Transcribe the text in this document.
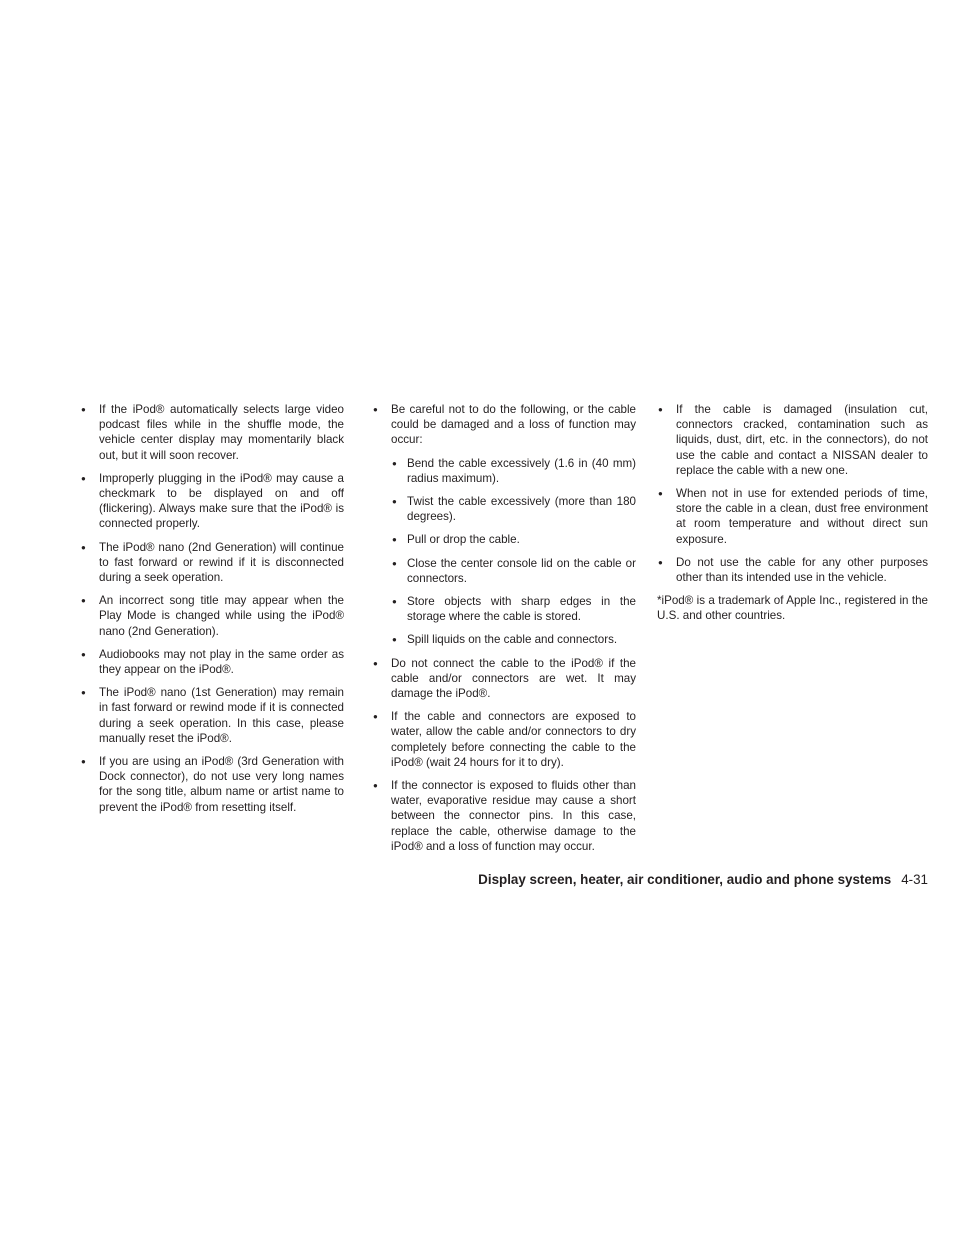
● If the iPod® automatically selects large video podcast files while in the shuffle mode, the vehicle center display may momentarily black out, but it will soon recover.
● Improperly plugging in the iPod® may cause a checkmark to be displayed on and off (flickering). Always make sure that the iPod® is connected properly.
● The iPod® nano (2nd Generation) will continue to fast forward or rewind if it is disconnected during a seek operation.
● An incorrect song title may appear when the Play Mode is changed while using the iPod® nano (2nd Generation).
● Audiobooks may not play in the same order as they appear on the iPod®.
● The iPod® nano (1st Generation) may remain in fast forward or rewind mode if it is connected during a seek operation. In this case, please manually reset the iPod®.
● If you are using an iPod® (3rd Generation with Dock connector), do not use very long names for the song title, album name or artist name to prevent the iPod® from resetting itself.
● Be careful not to do the following, or the cable could be damaged and a loss of function may occur:
● Bend the cable excessively (1.6 in (40 mm) radius maximum).
● Twist the cable excessively (more than 180 degrees).
● Pull or drop the cable.
● Close the center console lid on the cable or connectors.
● Store objects with sharp edges in the storage where the cable is stored.
● Spill liquids on the cable and connectors.
● Do not connect the cable to the iPod® if the cable and/or connectors are wet. It may damage the iPod®.
● If the cable and connectors are exposed to water, allow the cable and/or connectors to dry completely before connecting the cable to the iPod® (wait 24 hours for it to dry).
● If the connector is exposed to fluids other than water, evaporative residue may cause a short between the connector pins. In this case, replace the cable, otherwise damage to the iPod® and a loss of function may occur.
● If the cable is damaged (insulation cut, connectors cracked, contamination such as liquids, dust, dirt, etc. in the connectors), do not use the cable and contact a NISSAN dealer to replace the cable with a new one.
● When not in use for extended periods of time, store the cable in a clean, dust free environment at room temperature and without direct sun exposure.
● Do not use the cable for any other purposes other than its intended use in the vehicle.

*iPod® is a trademark of Apple Inc., registered in the U.S. and other countries.

Display screen, heater, air conditioner, audio and phone systems 4-31
